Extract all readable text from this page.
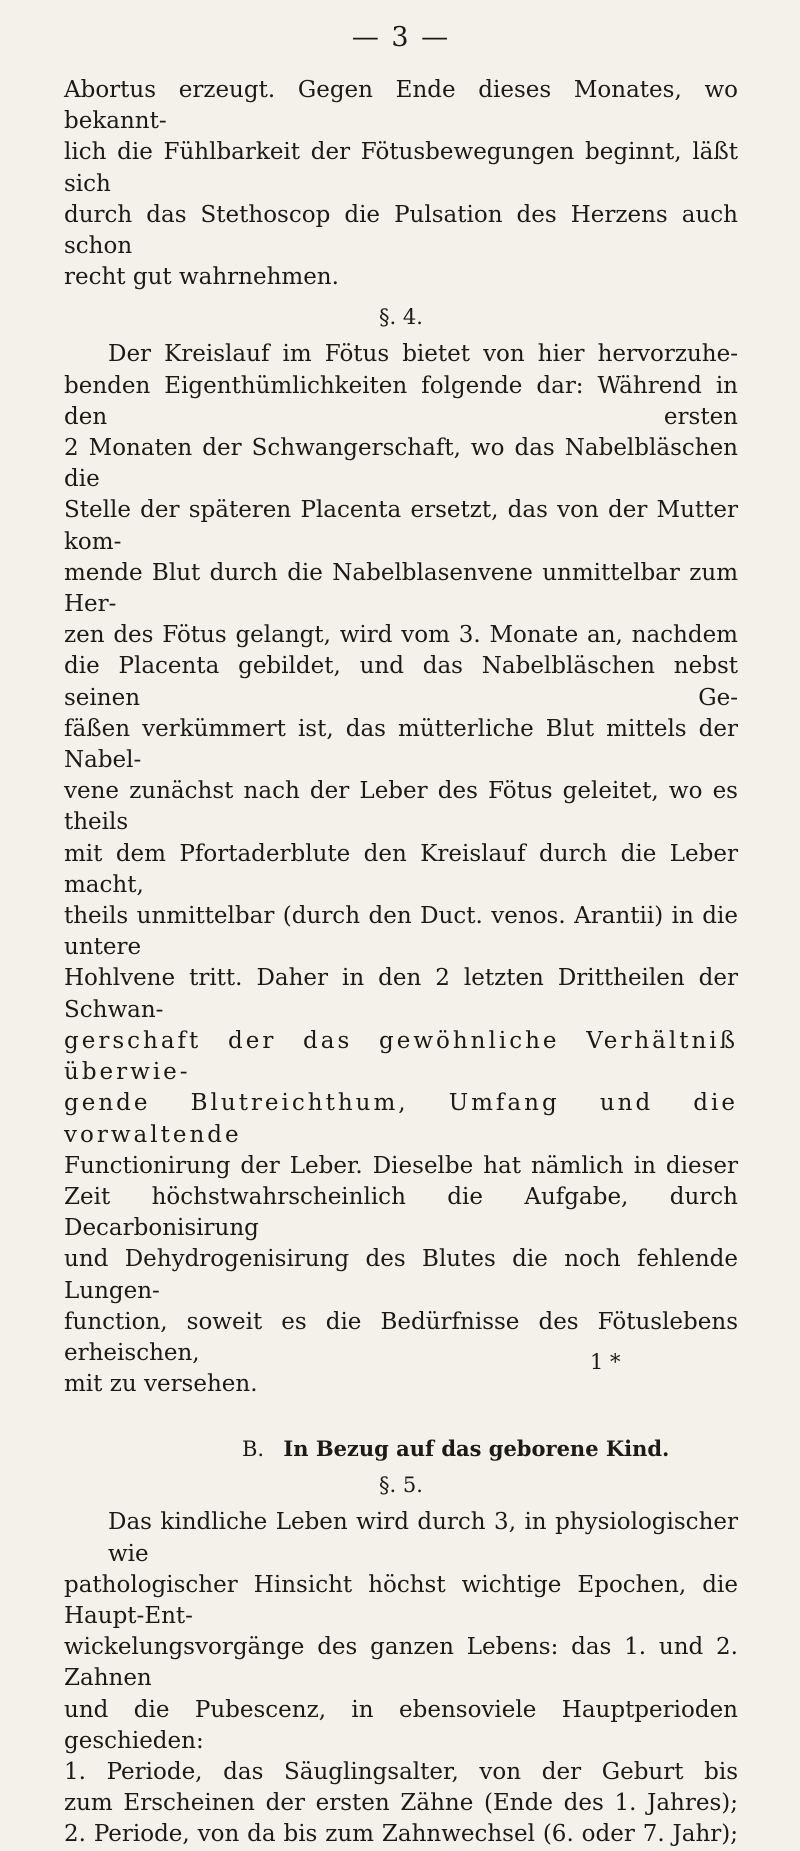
— 3 —

Abortus erzeugt. Gegen Ende dieses Monates, wo bekannt-
lich die Fühlbarkeit der Fötusbewegungen beginnt, läßt sich
durch das Stethoscop die Pulsation des Herzens auch schon
recht gut wahrnehmen.

§. 4.

Der Kreislauf im Fötus bietet von hier hervorzuhe-
benden Eigenthümlichkeiten folgende dar: Während in den ersten
2 Monaten der Schwangerschaft, wo das Nabelbläschen die
Stelle der späteren Placenta ersetzt, das von der Mutter kom-
mende Blut durch die Nabelblasenvene unmittelbar zum Her-
zen des Fötus gelangt, wird vom 3. Monate an, nachdem
die Placenta gebildet, und das Nabelbläschen nebst seinen Ge-
fäßen verkümmert ist, das mütterliche Blut mittels der Nabel-
vene zunächst nach der Leber des Fötus geleitet, wo es theils
mit dem Pfortaderblute den Kreislauf durch die Leber macht,
theils unmittelbar (durch den Duct. venos. Arantii) in die untere
Hohlvene tritt. Daher in den 2 letzten Drittheilen der Schwan-
gerschaft der das gewöhnliche Verhältniß überwie-
gende Blutreichthum, Umfang und die vorwaltende
Functionirung der Leber. Dieselbe hat nämlich in dieser
Zeit höchstwahrscheinlich die Aufgabe, durch Decarbonisirung
und Dehydrogenisirung des Blutes die noch fehlende Lungen-
function, soweit es die Bedürfnisse des Fötuslebens erheischen,
mit zu versehen.

B. In Bezug auf das geborene Kind.
§. 5.

Das kindliche Leben wird durch 3, in physiologischer wie
pathologischer Hinsicht höchst wichtige Epochen, die Haupt-Ent-
wickelungsvorgänge des ganzen Lebens: das 1. und 2. Zahnen
und die Pubescenz, in ebensoviele Hauptperioden geschieden:
1. Periode, das Säuglingsalter, von der Geburt bis
zum Erscheinen der ersten Zähne (Ende des 1. Jahres);
2. Periode, von da bis zum Zahnwechsel (6. oder 7. Jahr);

1 *
